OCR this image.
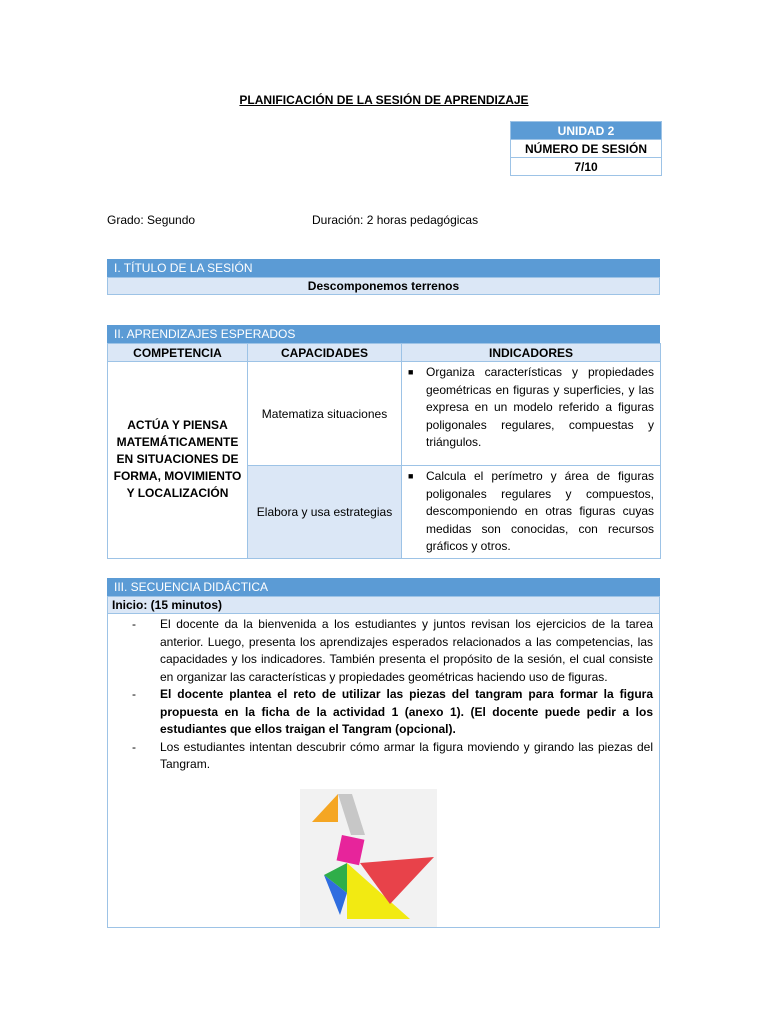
PLANIFICACIÓN DE LA SESIÓN DE APRENDIZAJE
UNIDAD 2
NÚMERO DE SESIÓN
7/10
Grado: Segundo	Duración: 2 horas pedagógicas
I. TÍTULO DE LA SESIÓN
Descomponemos terrenos
II. APRENDIZAJES ESPERADOS
COMPETENCIA	CAPACIDADES	INDICADORES
ACTÚA Y PIENSA MATEMÁTICAMENTE EN SITUACIONES DE FORMA, MOVIMIENTO Y LOCALIZACIÓN	Matematiza situaciones	■ Organiza características y propiedades geométricas en figuras y superficies, y las expresa en un modelo referido a figuras poligonales regulares, compuestas y triángulos.

	Elabora y usa estrategias	■ Calcula el perímetro y área de figuras poligonales regulares y compuestos, descomponiendo en otras figuras cuyas medidas son conocidas, con recursos gráficos y otros.
III. SECUENCIA DIDÁCTICA
Inicio: (15 minutos)
-	El docente da la bienvenida a los estudiantes y juntos revisan los ejercicios de la tarea anterior. Luego, presenta los aprendizajes esperados relacionados a las competencias, las capacidades y los indicadores. También presenta el propósito de la sesión, el cual consiste en organizar las características y propiedades geométricas haciendo uso de figuras.
-	El docente plantea el reto de utilizar las piezas del tangram para formar la figura propuesta en la ficha de la actividad 1 (anexo 1). (El docente puede pedir a los estudiantes que ellos traigan el Tangram (opcional).
-	Los estudiantes intentan descubrir cómo armar la figura moviendo y girando las piezas del Tangram.
